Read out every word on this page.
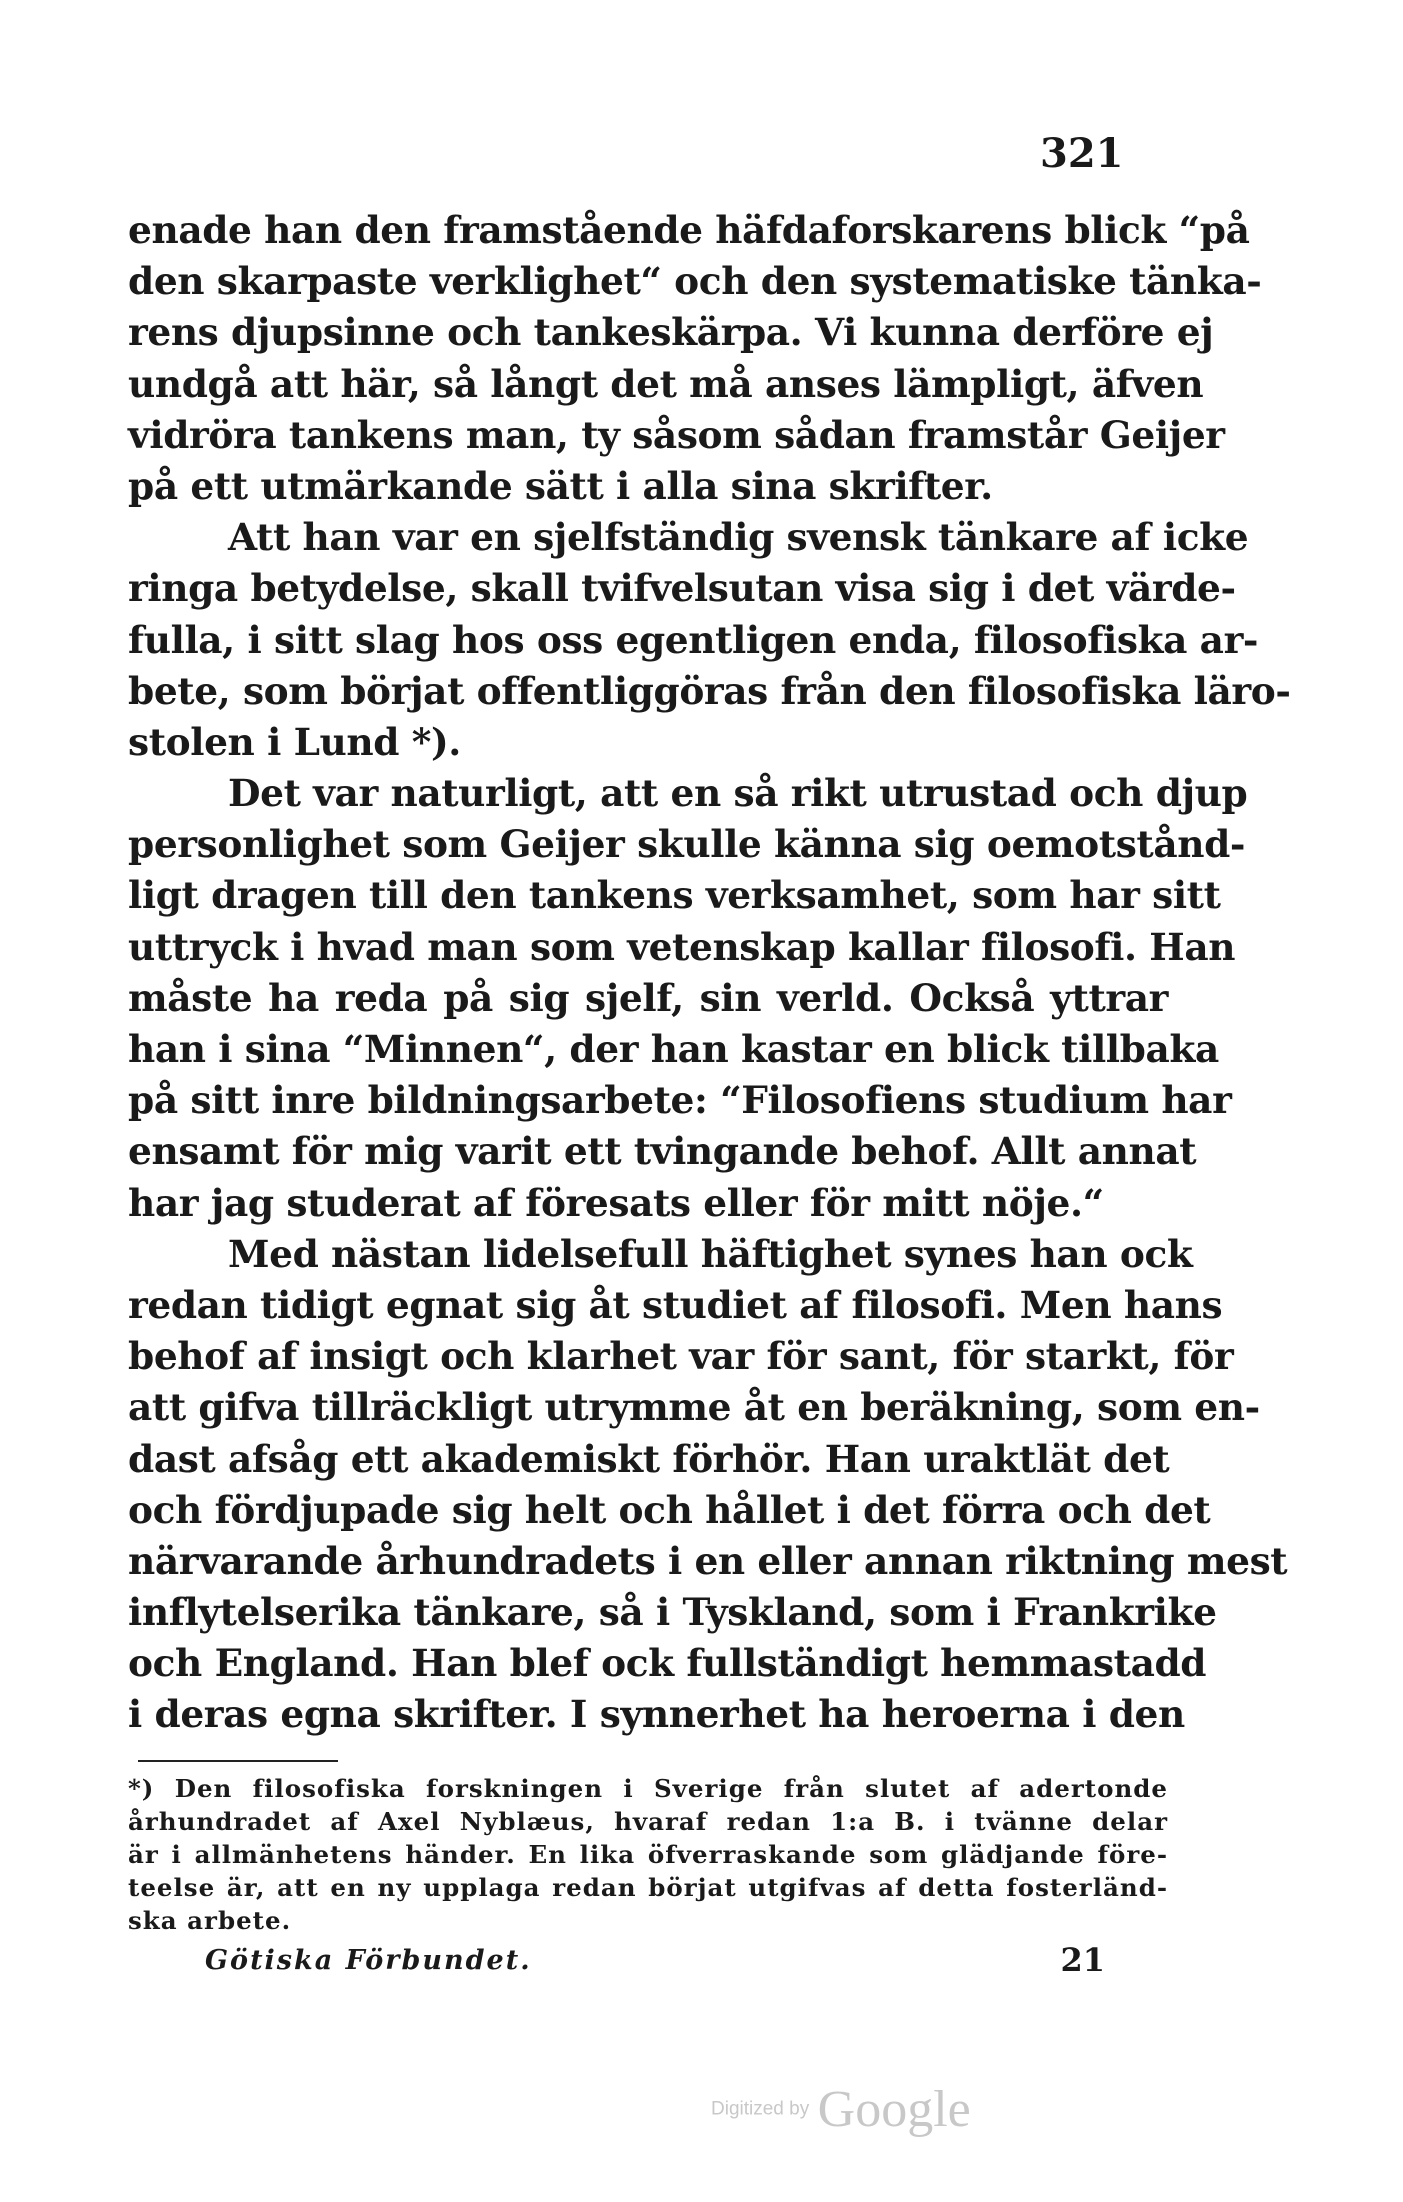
321
enade han den framstående häfdaforskarens blick “på
den skarpaste verklighet“ och den systematiske tänka-
rens djupsinne och tankeskärpa. Vi kunna derföre ej
undgå att här, så långt det må anses lämpligt, äfven
vidröra tankens man, ty såsom sådan framstår Geijer
på ett utmärkande sätt i alla sina skrifter.
Att han var en sjelfständig svensk tänkare af icke
ringa betydelse, skall tvifvelsutan visa sig i det värde-
fulla, i sitt slag hos oss egentligen enda, filosofiska ar-
bete, som börjat offentliggöras från den filosofiska läro-
stolen i Lund *).
Det var naturligt, att en så rikt utrustad och djup
personlighet som Geijer skulle känna sig oemotstånd-
ligt dragen till den tankens verksamhet, som har sitt
uttryck i hvad man som vetenskap kallar filosofi. Han
måste ha reda på sig sjelf, sin verld. Också yttrar
han i sina “Minnen“, der han kastar en blick tillbaka
på sitt inre bildningsarbete: “Filosofiens studium har
ensamt för mig varit ett tvingande behof. Allt annat
har jag studerat af föresats eller för mitt nöje.“
Med nästan lidelsefull häftighet synes han ock
redan tidigt egnat sig åt studiet af filosofi. Men hans
behof af insigt och klarhet var för sant, för starkt, för
att gifva tillräckligt utrymme åt en beräkning, som en-
dast afsåg ett akademiskt förhör. Han uraktlät det
och fördjupade sig helt och hållet i det förra och det
närvarande århundradets i en eller annan riktning mest
inflytelserika tänkare, så i Tyskland, som i Frankrike
och England. Han blef ock fullständigt hemmastadd
i deras egna skrifter. I synnerhet ha heroerna i den
*) Den filosofiska forskningen i Sverige från slutet af adertonde
århundradet af Axel Nyblæus, hvaraf redan 1:a B. i tvänne delar
är i allmänhetens händer. En lika öfverraskande som glädjande före-
teelse är, att en ny upplaga redan börjat utgifvas af detta fosterländ-
ska arbete.
Götiska Förbundet.	21
Digitized by Google
